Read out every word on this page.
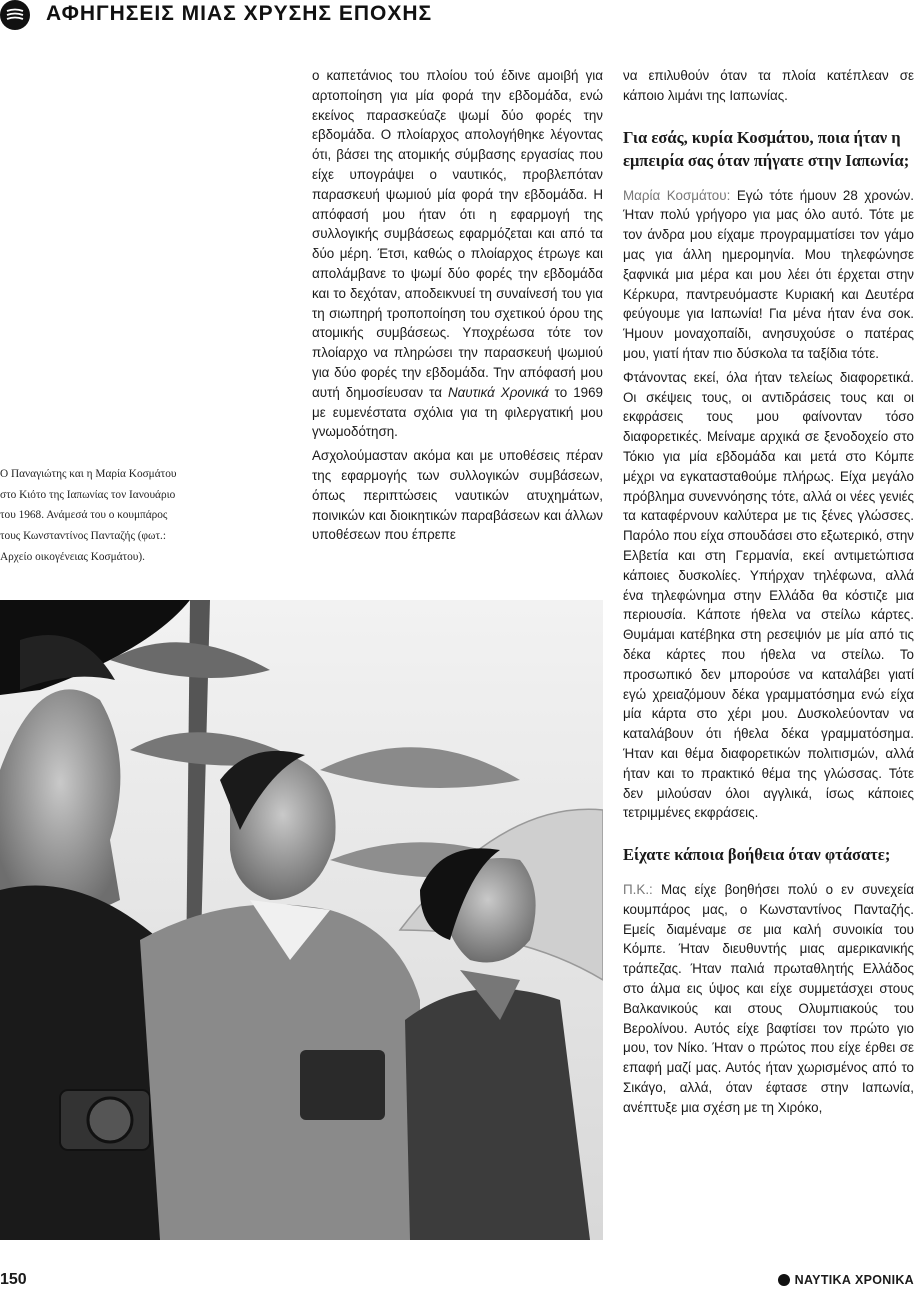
ΑΦΗΓΗΣΕΙΣ ΜΙΑΣ ΧΡΥΣΗΣ ΕΠΟΧΗΣ
Ο Παναγιώτης και η Μαρία Κοσμάτου στο Κιότο της Ιαπωνίας τον Ιανουάριο του 1968. Ανάμεσά του ο κουμπάρος τους Κωνσταντίνος Πανταζής (φωτ.: Αρχείο οικογένειας Κοσμάτου).

ο καπετάνιος του πλοίου τού έδινε αμοιβή για αρτοποίηση για μία φορά την εβδομάδα, ενώ εκείνος παρασκεύαζε ψωμί δύο φορές την εβδομάδα. Ο πλοίαρχος απολογήθηκε λέγοντας ότι, βάσει της ατομικής σύμβασης εργασίας που είχε υπογράψει ο ναυτικός, προβλεπόταν παρασκευή ψωμιού μία φορά την εβδομάδα. Η απόφασή μου ήταν ότι η εφαρμογή της συλλογικής συμβάσεως εφαρμόζεται και από τα δύο μέρη. Έτσι, καθώς ο πλοίαρχος έτρωγε και απολάμβανε το ψωμί δύο φορές την εβδομάδα και το δεχόταν, αποδεικνυεί τη συναίνεσή του για τη σιωπηρή τροποποίηση του σχετικού όρου της ατομικής συμβάσεως. Υποχρέωσα τότε τον πλοίαρχο να πληρώσει την παρασκευή ψωμιού για δύο φορές την εβδομάδα. Την απόφασή μου αυτή δημοσίευσαν τα Ναυτικά Χρονικά το 1969 με ευμενέστατα σχόλια για τη φιλεργατική μου γνωμοδότηση.

Ασχολούμασταν ακόμα και με υποθέσεις πέραν της εφαρμογής των συλλογικών συμβάσεων, όπως περιπτώσεις ναυτικών ατυχημάτων, ποινικών και διοικητικών παραβάσεων και άλλων υποθέσεων που έπρεπε

να επιλυθούν όταν τα πλοία κατέπλεαν σε κάποιο λιμάνι της Ιαπωνίας.

Για εσάς, κυρία Κοσμάτου, ποια ήταν η εμπειρία σας όταν πήγατε στην Ιαπωνία;

Μαρία Κοσμάτου: Εγώ τότε ήμουν 28 χρονών. Ήταν πολύ γρήγορο για μας όλο αυτό. Τότε με τον άνδρα μου είχαμε προγραμματίσει τον γάμο μας για άλλη ημερομηνία. Μου τηλεφώνησε ξαφνικά μια μέρα και μου λέει ότι έρχεται στην Κέρκυρα, παντρευόμαστε Κυριακή και Δευτέρα φεύγουμε για Ιαπωνία! Για μένα ήταν ένα σοκ. Ήμουν μοναχοπαίδι, ανησυχούσε ο πατέρας μου, γιατί ήταν πιο δύσκολα τα ταξίδια τότε.

Φτάνοντας εκεί, όλα ήταν τελείως διαφορετικά. Οι σκέψεις τους, οι αντιδράσεις τους και οι εκφράσεις τους μου φαίνονταν τόσο διαφορετικές. Μείναμε αρχικά σε ξενοδοχείο στο Τόκιο για μία εβδομάδα και μετά στο Κόμπε μέχρι να εγκατασταθούμε πλήρως. Είχα μεγάλο πρόβλημα συνεννόησης τότε, αλλά οι νέες γενιές τα καταφέρνουν καλύτερα με τις ξένες γλώσσες. Παρόλο που είχα σπουδάσει στο εξωτερικό, στην Ελβετία και στη Γερμανία, εκεί αντιμετώπισα κάποιες δυσκολίες. Υπήρχαν τηλέφωνα, αλλά ένα τηλεφώνημα στην Ελλάδα θα κόστιζε μια περιουσία. Κάποτε ήθελα να στείλω κάρτες. Θυμάμαι κατέβηκα στη ρεσεψιόν με μία από τις δέκα κάρτες που ήθελα να στείλω. Το προσωπικό δεν μπορούσε να καταλάβει γιατί εγώ χρειαζόμουν δέκα γραμματόσημα ενώ είχα μία κάρτα στο χέρι μου. Δυσκολεύονταν να καταλάβουν ότι ήθελα δέκα γραμματόσημα. Ήταν και θέμα διαφορετικών πολιτισμών, αλλά ήταν και το πρακτικό θέμα της γλώσσας. Τότε δεν μιλούσαν όλοι αγγλικά, ίσως κάποιες τετριμμένες εκφράσεις.

Είχατε κάποια βοήθεια όταν φτάσατε;

Π.Κ.: Μας είχε βοηθήσει πολύ ο εν συνεχεία κουμπάρος μας, ο Κωνσταντίνος Πανταζής. Εμείς διαμέναμε σε μια καλή συνοικία του Κόμπε. Ήταν διευθυντής μιας αμερικανικής τράπεζας. Ήταν παλιά πρωταθλητής Ελλάδος στο άλμα εις ύψος και είχε συμμετάσχει στους Βαλκανικούς και στους Ολυμπιακούς του Βερολίνου. Αυτός είχε βαφτίσει τον πρώτο γιο μου, τον Νίκο. Ήταν ο πρώτος που είχε έρθει σε επαφή μαζί μας. Αυτός ήταν χωρισμένος από το Σικάγο, αλλά, όταν έφτασε στην Ιαπωνία, ανέπτυξε μια σχέση με τη Χιρόκο,

150	ΝΑΥΤΙΚΑ ΧΡΟΝΙΚΑ
